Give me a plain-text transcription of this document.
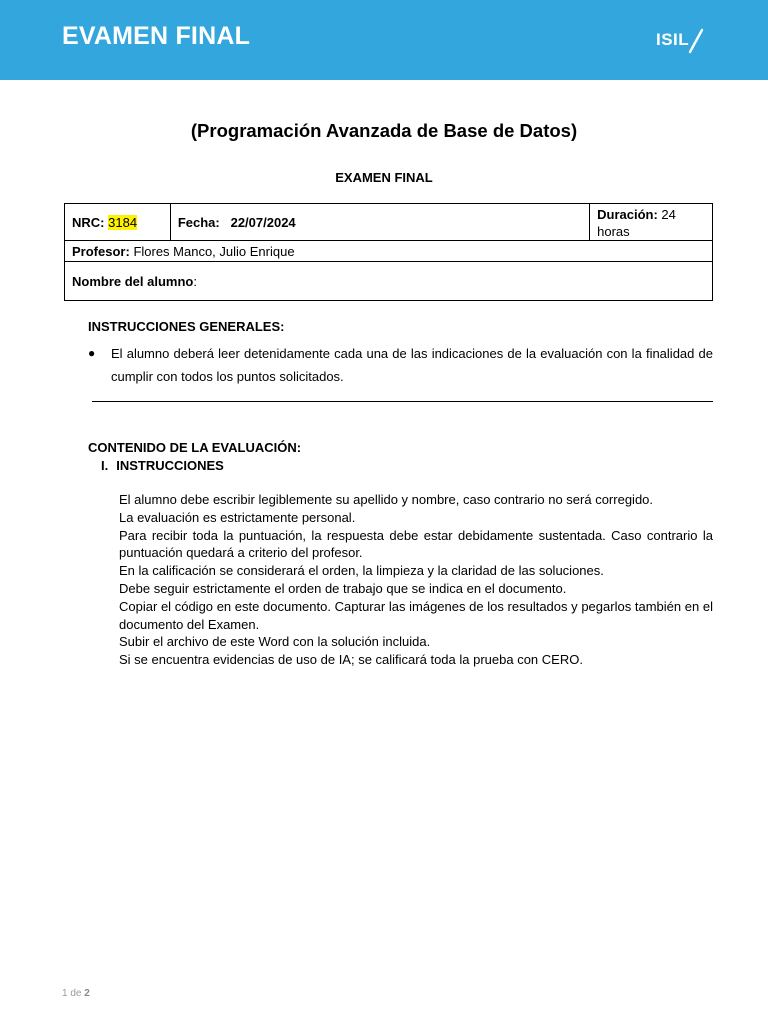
EVAMEN FINAL	ISIL
(Programación Avanzada de Base de Datos)
EXAMEN FINAL
NRC: 3184	Fecha:   22/07/2024	Duración: 24 horas
Profesor: Flores Manco, Julio Enrique
Nombre del alumno:
INSTRUCCIONES GENERALES:
● El alumno deberá leer detenidamente cada una de las indicaciones de la evaluación con la finalidad de cumplir con todos los puntos solicitados.
CONTENIDO DE LA EVALUACIÓN:
I. INSTRUCCIONES

El alumno debe escribir legiblemente su apellido y nombre, caso contrario no será corregido.

La evaluación es estrictamente personal.

Para recibir toda la puntuación, la respuesta debe estar debidamente sustentada. Caso contrario la puntuación quedará a criterio del profesor.

En la calificación se considerará el orden, la limpieza y la claridad de las soluciones.

Debe seguir estrictamente el orden de trabajo que se indica en el documento.

Copiar el código en este documento. Capturar las imágenes de los resultados y pegarlos también en el documento del Examen.

Subir el archivo de este Word con la solución incluida.

Si se encuentra evidencias de uso de IA; se calificará toda la prueba con CERO.

1 de 2
